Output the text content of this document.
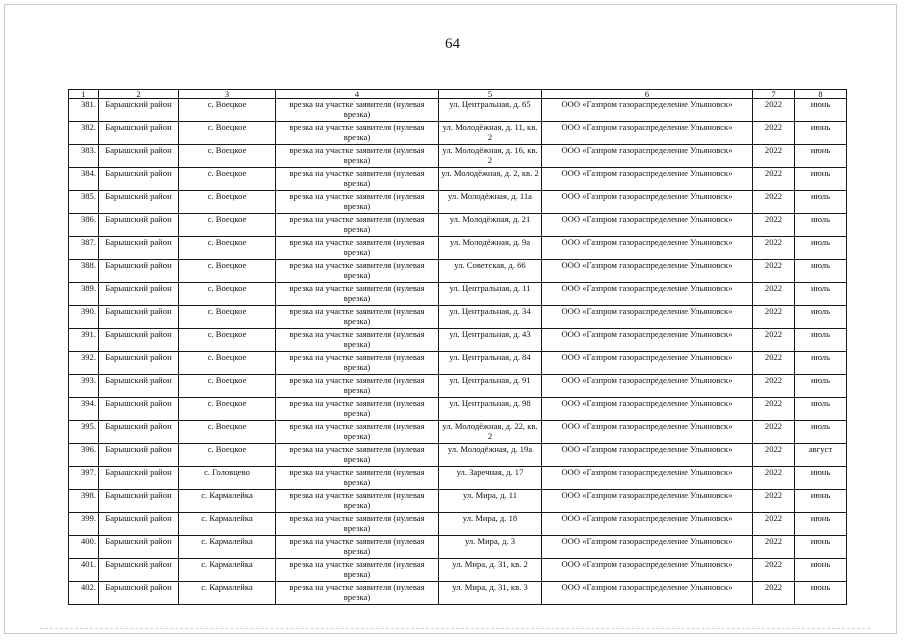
64
1	2	3	4	5	6	7	8
381.	Барышский район	с. Воецкое	врезка на участке заявителя (нулевая врезка)	ул. Центральная, д. 65	ООО «Газпром газораспределение Ульяновск»	2022	июнь
382.	Барышский район	с. Воецкое	врезка на участке заявителя (нулевая врезка)	ул. Молодёжная, д. 11, кв. 2	ООО «Газпром газораспределение Ульяновск»	2022	июнь
383.	Барышский район	с. Воецкое	врезка на участке заявителя (нулевая врезка)	ул. Молодёжная, д. 16, кв. 2	ООО «Газпром газораспределение Ульяновск»	2022	июнь
384.	Барышский район	с. Воецкое	врезка на участке заявителя (нулевая врезка)	ул. Молодёжная, д. 2, кв. 2	ООО «Газпром газораспределение Ульяновск»	2022	июнь
385.	Барышский район	с. Воецкое	врезка на участке заявителя (нулевая врезка)	ул. Молодёжная, д. 11а	ООО «Газпром газораспределение Ульяновск»	2022	июль
386.	Барышский район	с. Воецкое	врезка на участке заявителя (нулевая врезка)	ул. Молодёжная, д. 21	ООО «Газпром газораспределение Ульяновск»	2022	июль
387.	Барышский район	с. Воецкое	врезка на участке заявителя (нулевая врезка)	ул. Молодёжная, д. 9а	ООО «Газпром газораспределение Ульяновск»	2022	июль
388.	Барышский район	с. Воецкое	врезка на участке заявителя (нулевая врезка)	ул. Советская, д. 66	ООО «Газпром газораспределение Ульяновск»	2022	июль
389.	Барышский район	с. Воецкое	врезка на участке заявителя (нулевая врезка)	ул. Центральная, д. 11	ООО «Газпром газораспределение Ульяновск»	2022	июль
390.	Барышский район	с. Воецкое	врезка на участке заявителя (нулевая врезка)	ул. Центральная, д. 34	ООО «Газпром газораспределение Ульяновск»	2022	июль
391.	Барышский район	с. Воецкое	врезка на участке заявителя (нулевая врезка)	ул. Центральная, д. 43	ООО «Газпром газораспределение Ульяновск»	2022	июль
392.	Барышский район	с. Воецкое	врезка на участке заявителя (нулевая врезка)	ул. Центральная, д. 84	ООО «Газпром газораспределение Ульяновск»	2022	июль
393.	Барышский район	с. Воецкое	врезка на участке заявителя (нулевая врезка)	ул. Центральная, д. 91	ООО «Газпром газораспределение Ульяновск»	2022	июль
394.	Барышский район	с. Воецкое	врезка на участке заявителя (нулевая врезка)	ул. Центральная, д. 98	ООО «Газпром газораспределение Ульяновск»	2022	июль
395.	Барышский район	с. Воецкое	врезка на участке заявителя (нулевая врезка)	ул. Молодёжная, д. 22, кв. 2	ООО «Газпром газораспределение Ульяновск»	2022	июль
396.	Барышский район	с. Воецкое	врезка на участке заявителя (нулевая врезка)	ул. Молодёжная, д. 19а	ООО «Газпром газораспределение Ульяновск»	2022	август
397.	Барышский район	с. Головцево	врезка на участке заявителя (нулевая врезка)	ул. Заречная, д. 17	ООО «Газпром газораспределение Ульяновск»	2022	июнь
398.	Барышский район	с. Кармалейка	врезка на участке заявителя (нулевая врезка)	ул. Мира, д. 11	ООО «Газпром газораспределение Ульяновск»	2022	июнь
399.	Барышский район	с. Кармалейка	врезка на участке заявителя (нулевая врезка)	ул. Мира, д. 18	ООО «Газпром газораспределение Ульяновск»	2022	июнь
400.	Барышский район	с. Кармалейка	врезка на участке заявителя (нулевая врезка)	ул. Мира, д. 3	ООО «Газпром газораспределение Ульяновск»	2022	июнь
401.	Барышский район	с. Кармалейка	врезка на участке заявителя (нулевая врезка)	ул. Мира, д. 31, кв. 2	ООО «Газпром газораспределение Ульяновск»	2022	июнь
402.	Барышский район	с. Кармалейка	врезка на участке заявителя (нулевая врезка)	ул. Мира, д. 31, кв. 3	ООО «Газпром газораспределение Ульяновск»	2022	июнь
